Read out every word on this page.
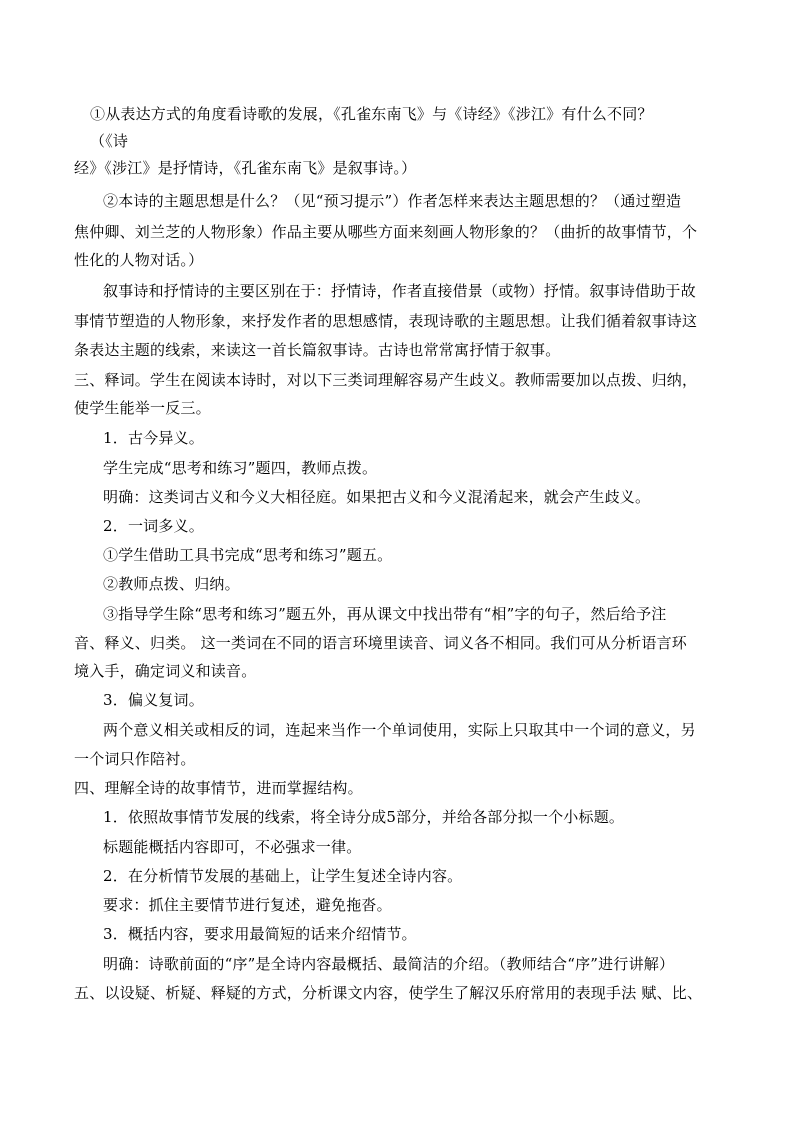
①从表达方式的角度看诗歌的发展，《孔雀东南飞》与《诗经》《涉江》有什么不同？
（《诗
经》《涉江》是抒情诗，《孔雀东南飞》是叙事诗。）
②本诗的主题思想是什么？（见“预习提示”）作者怎样来表达主题思想的？（通过塑造
焦仲卿、刘兰芝的人物形象）作品主要从哪些方面来刻画人物形象的？（曲折的故事情节，个
性化的人物对话。）
叙事诗和抒情诗的主要区别在于：抒情诗，作者直接借景（或物）抒情。叙事诗借助于故
事情节塑造的人物形象，来抒发作者的思想感情，表现诗歌的主题思想。让我们循着叙事诗这
条表达主题的线索，来读这一首长篇叙事诗。古诗也常常寓抒情于叙事。
三、释词。学生在阅读本诗时，对以下三类词理解容易产生歧义。教师需要加以点拨、归纳，
使学生能举一反三。
1．古今异义。
学生完成“思考和练习”题四，教师点拨。
明确：这类词古义和今义大相径庭。如果把古义和今义混淆起来，就会产生歧义。
2．一词多义。
①学生借助工具书完成“思考和练习”题五。
②教师点拨、归纳。
③指导学生除“思考和练习”题五外，再从课文中找出带有“相”字的句子，然后给予注
音、释义、归类。 这一类词在不同的语言环境里读音、词义各不相同。我们可从分析语言环
境入手，确定词义和读音。
3．偏义复词。
两个意义相关或相反的词，连起来当作一个单词使用，实际上只取其中一个词的意义，另
一个词只作陪衬。
四、理解全诗的故事情节，进而掌握结构。
1．依照故事情节发展的线索，将全诗分成5部分，并给各部分拟一个小标题。
标题能概括内容即可，不必强求一律。
2．在分析情节发展的基础上，让学生复述全诗内容。
要求：抓住主要情节进行复述，避免拖沓。
3．概括内容，要求用最简短的话来介绍情节。
明确：诗歌前面的“序”是全诗内容最概括、最简洁的介绍。（教师结合“序”进行讲解）
五、以设疑、析疑、释疑的方式，分析课文内容，使学生了解汉乐府常用的表现手法 赋、比、
